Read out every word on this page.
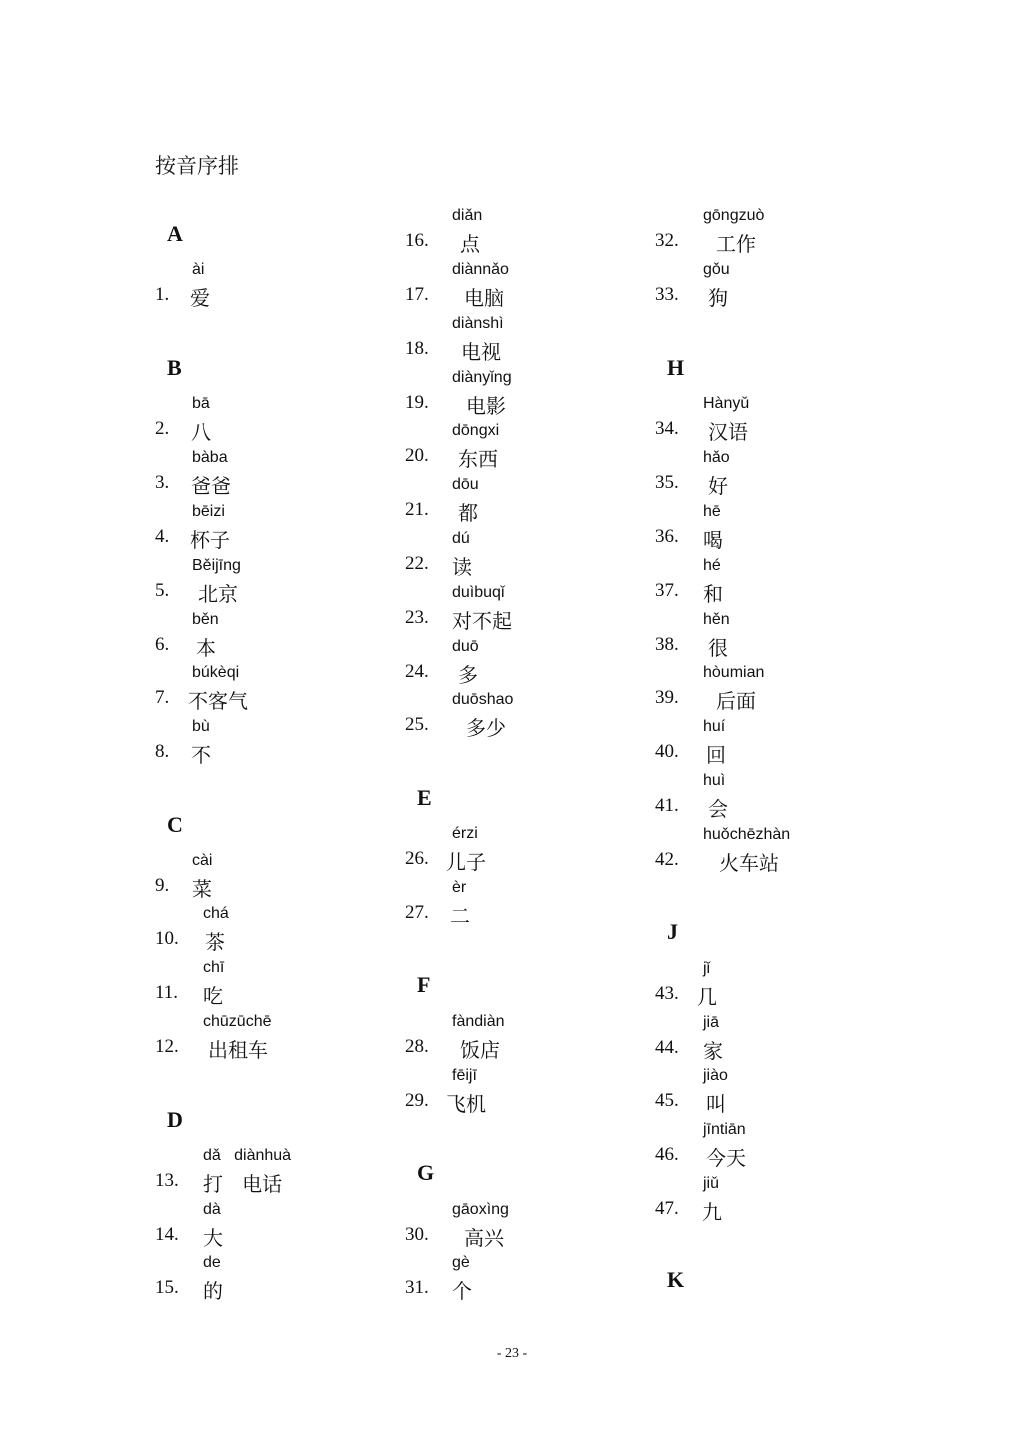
按音序排
A
B
C
D
E
F
G
H
J
K
ài
1. 爱
bā
2. 八
bàba
3. 爸爸
bēizi
4. 杯子
Běijīng
5. 北京
běn
6. 本
búkèqi
7. 不客气
bù
8. 不
cài
9. 菜
chá
10. 茶
chī
11. 吃
chūzūchē
12. 出租车
dǎ   diànhuà
13. 打   电话
dà
14. 大
de
15. 的
diǎn
16. 点
diànnǎo
17. 电脑
diànshì
18. 电视
diànyǐng
19. 电影
dōngxi
20. 东西
dōu
21. 都
dú
22. 读
duìbuqǐ
23. 对不起
duō
24. 多
duōshao
25. 多少
érzi
26. 儿子
èr
27. 二
fàndiàn
28. 饭店
fēijī
29. 飞机
gāoxìng
30. 高兴
gè
31. 个
gōngzuò
32. 工作
gǒu
33. 狗
Hànyǔ
34. 汉语
hǎo
35. 好
hē
36. 喝
hé
37. 和
hěn
38. 很
hòumian
39. 后面
huí
40. 回
huì
41. 会
huǒchēzhàn
42. 火车站
jǐ
43. 几
jiā
44. 家
jiào
45. 叫
jīntiān
46. 今天
jiǔ
47. 九
- 23 -
